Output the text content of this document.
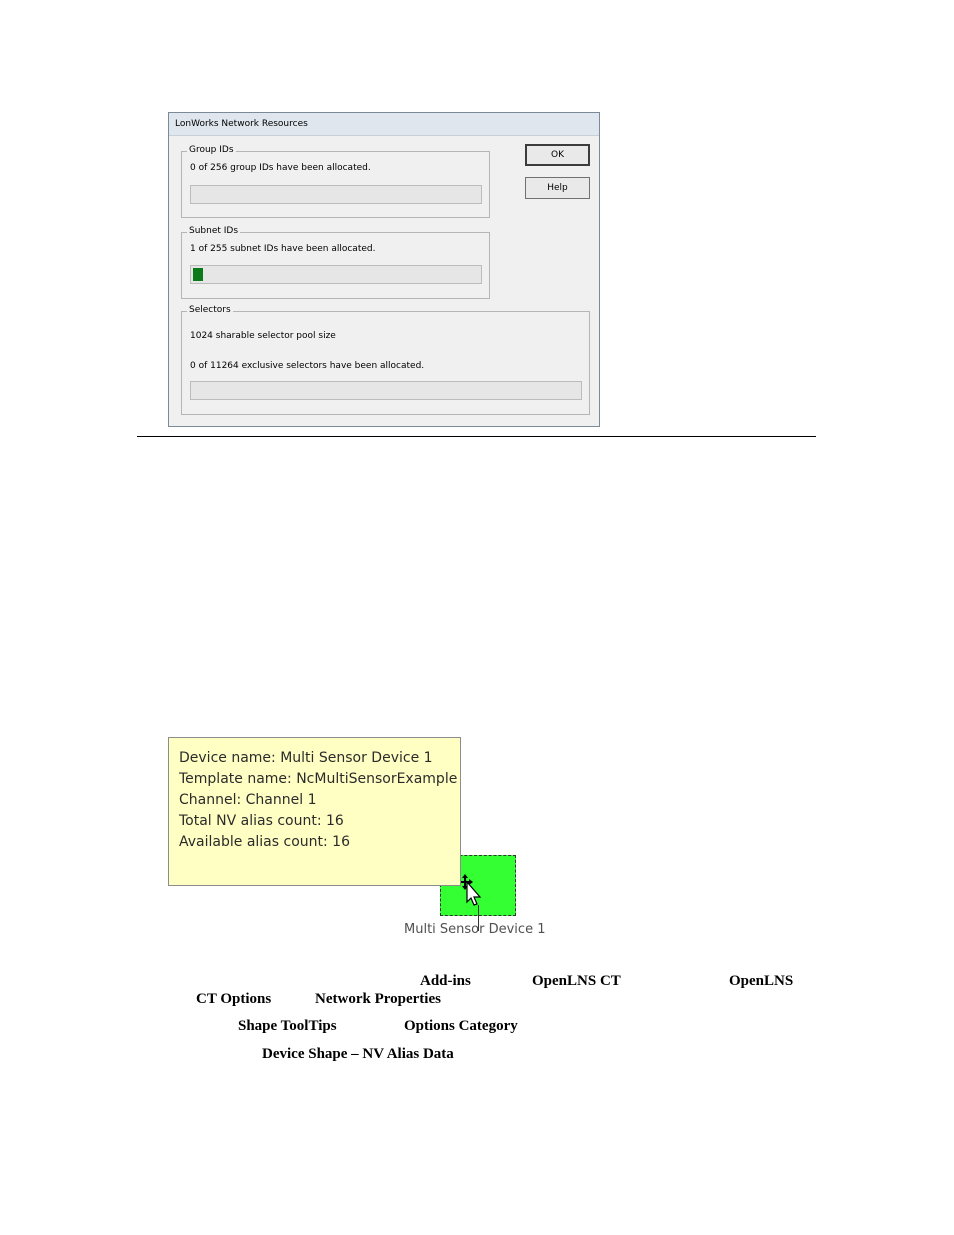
LonWorks Network Resources
Group IDs
0 of 256 group IDs have been allocated.
Subnet IDs
1 of 255 subnet IDs have been allocated.
Selectors
1024 sharable selector pool size
0 of 11264 exclusive selectors have been allocated.
OK
Help
Multi Sensor Device 1
Device name: Multi Sensor Device 1
Template name: NcMultiSensorExample
Channel: Channel 1
Total NV alias count: 16
Available alias count: 16
Add-ins	OpenLNS CT	OpenLNS
CT Options	Network Properties
Shape ToolTips	Options Category
Device Shape – NV Alias Data
